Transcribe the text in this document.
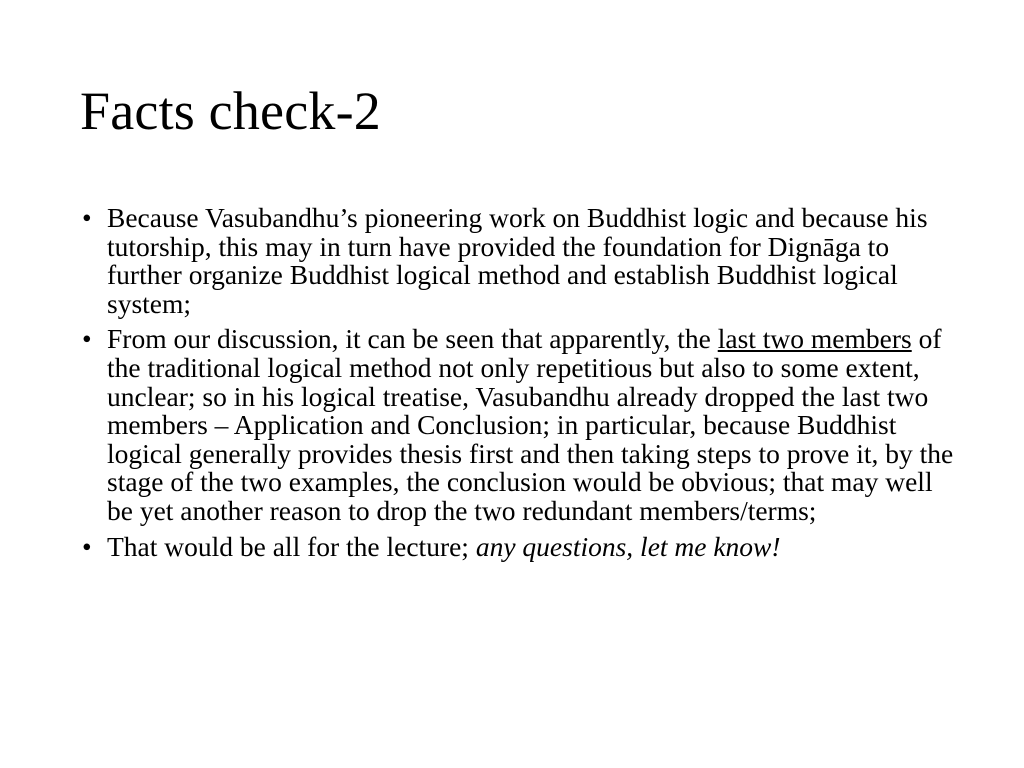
Facts check-2
• Because Vasubandhu’s pioneering work on Buddhist logic and because his tutorship, this may in turn have provided the foundation for Dignāga to further organize Buddhist logical method and establish Buddhist logical system;
• From our discussion, it can be seen that apparently, the last two members of the traditional logical method not only repetitious but also to some extent, unclear; so in his logical treatise, Vasubandhu already dropped the last two members – Application and Conclusion; in particular, because Buddhist logical generally provides thesis first and then taking steps to prove it, by the stage of the two examples, the conclusion would be obvious; that may well be yet another reason to drop the two redundant members/terms;
• That would be all for the lecture; any questions, let me know!
